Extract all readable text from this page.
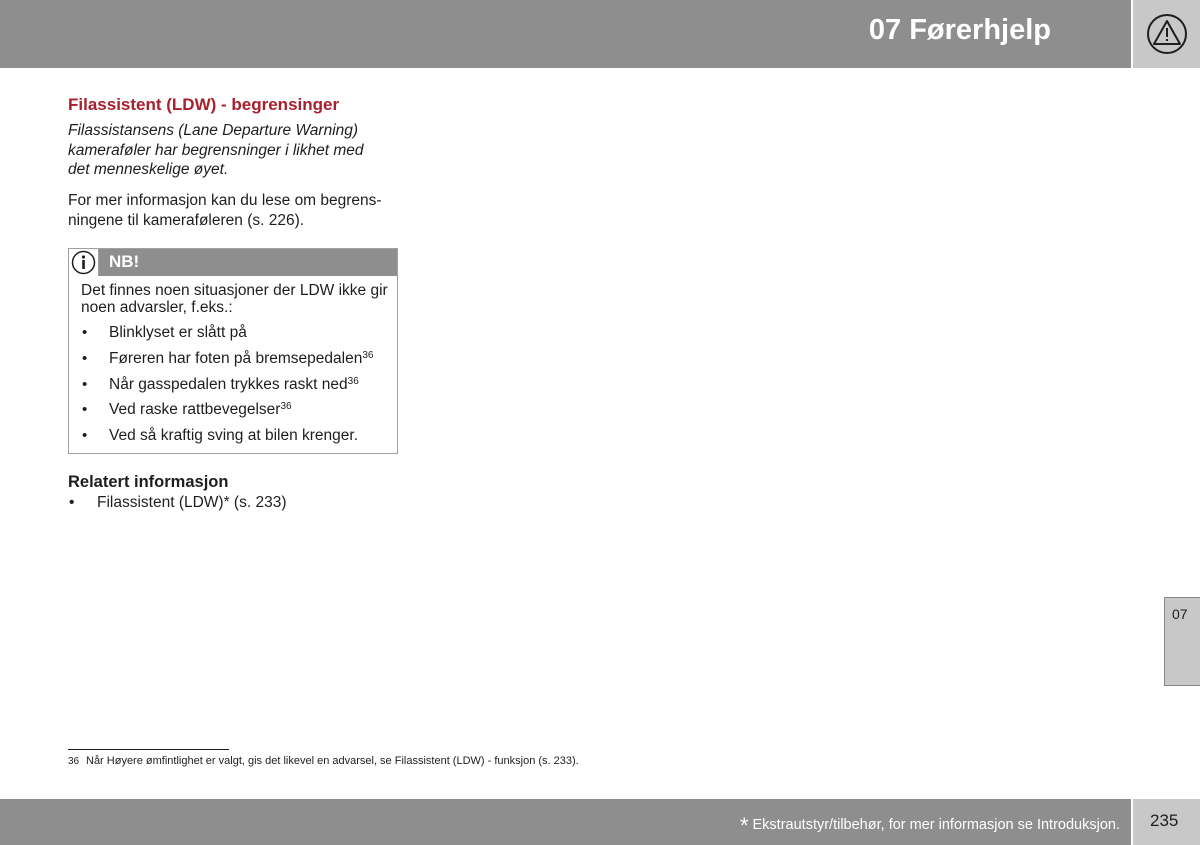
07 Førerhjelp
Filassistent (LDW) - begrensinger
Filassistansens (Lane Departure Warning) kameraføler har begrensninger i likhet med det menneskelige øyet.
For mer informasjon kan du lese om begrens-
ningene til kameraføleren (s. 226).
NB!
Det finnes noen situasjoner der LDW ikke gir noen advarsler, f.eks.:
• Blinklyset er slått på
• Føreren har foten på bremsepedalen$^{36}$
• Når gasspedalen trykkes raskt ned$^{36}$
• Ved raske rattbevegelser$^{36}$
• Ved så kraftig sving at bilen krenger.
Relatert informasjon
• Filassistent (LDW)* (s. 233)
36 Når Høyere ømfintlighet er valgt, gis det likevel en advarsel, se Filassistent (LDW) - funksjon (s. 233).
07
* Ekstrautstyr/tilbehør, for mer informasjon se Introduksjon. 235
